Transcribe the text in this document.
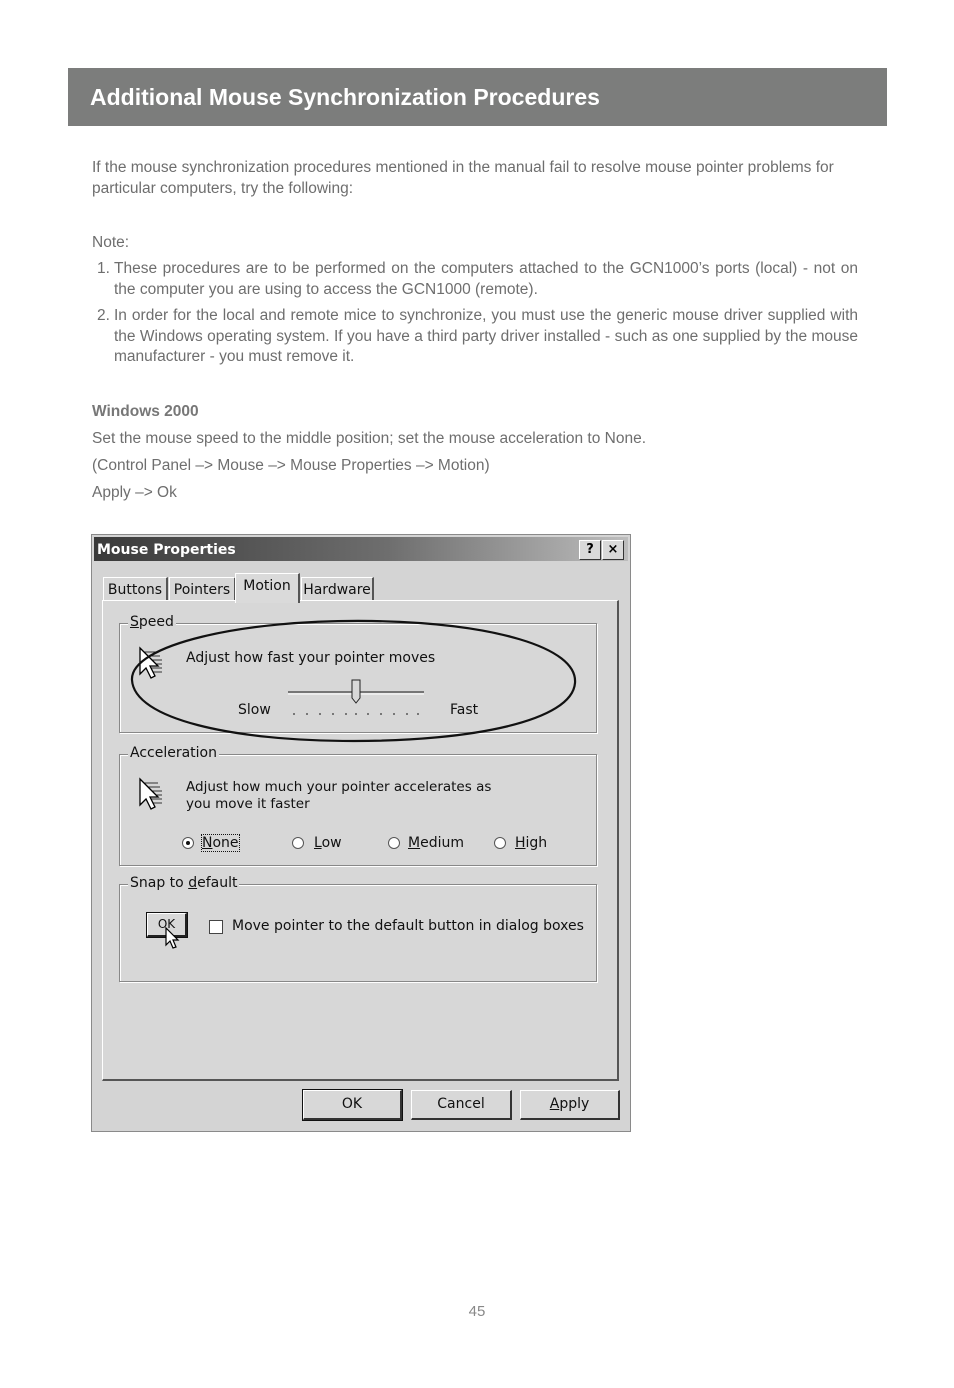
Additional Mouse Synchronization Procedures

If the mouse synchronization procedures mentioned in the manual fail to resolve mouse pointer problems for particular computers, try the following:

Note:

1. These procedures are to be performed on the computers attached to the GCN1000’s ports (local) - not on the computer you are using to access the GCN1000 (remote).
2. In order for the local and remote mice to synchronize, you must use the generic mouse driver supplied with the Windows operating system. If you have a third party driver installed - such as one supplied by the mouse manufacturer - you must remove it.

Windows 2000

Set the mouse speed to the middle position; set the mouse acceleration to None.

(Control Panel –> Mouse –> Mouse Properties –> Motion)

Apply –> Ok

Mouse Properties	?	×
Buttons Pointers Motion Hardware
Speed
Adjust how fast your pointer moves
Slow	Fast
Acceleration
Adjust how much your pointer accelerates as
you move it faster
None	Low	Medium	High
Snap to default
OK	Move pointer to the default button in dialog boxes
OK	Cancel	Apply
45
